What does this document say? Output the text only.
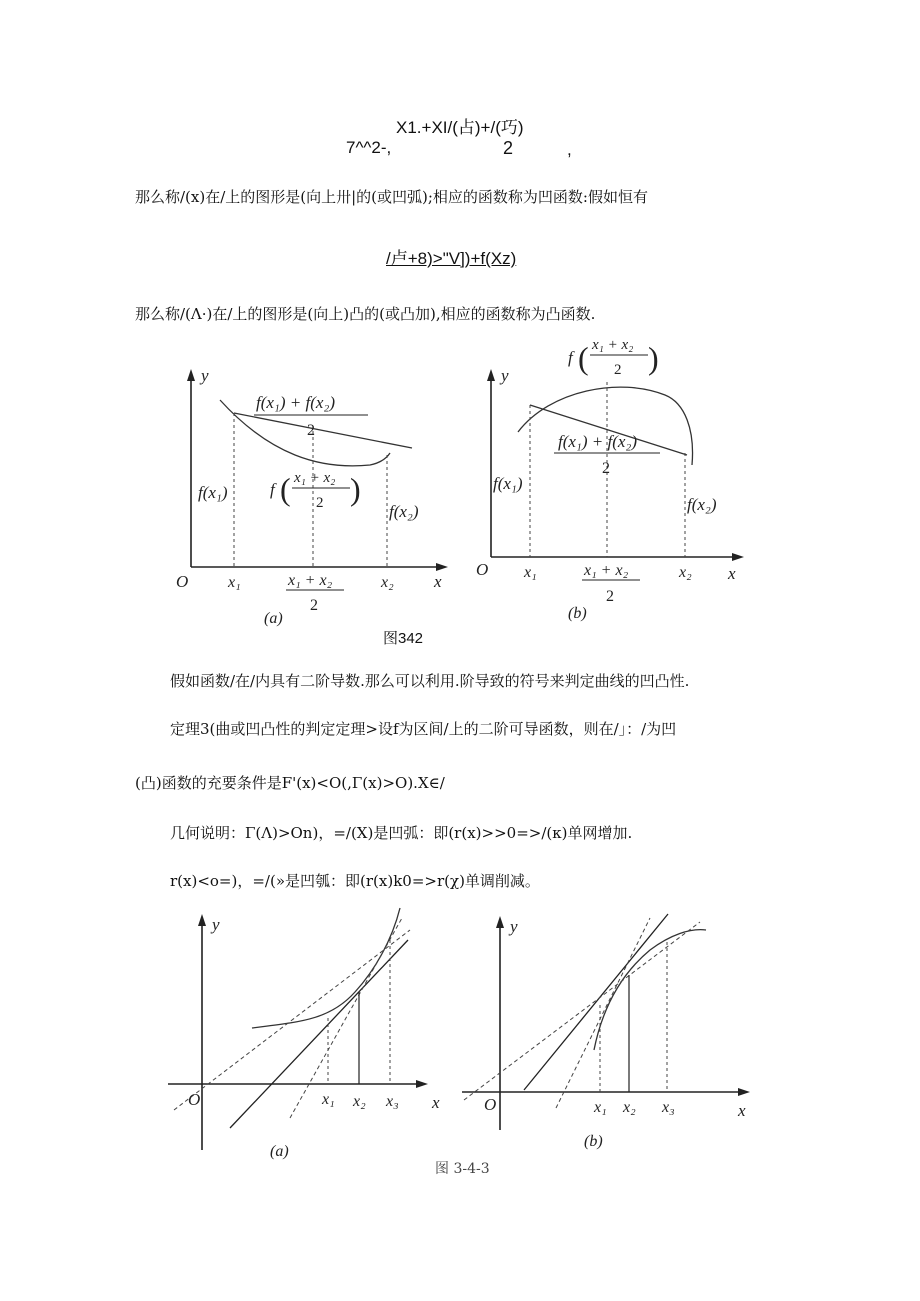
X1.+XI/(占)+/(巧)
7^^2-,	2	,
那么称/(x)在/上的图形是(向上卅|的(或凹弧);相应的函数称为凹函数:假如恒有
/卢+8)>"V])+f(Xz)
那么称/(Λ·)在/上的图形是(向上)凸的(或凸加),相应的函数称为凸函数.
y
x
O x₁	x₂
x₁ + x₂
2
f(x₁) + f(x₂)
2
f(x₁)
f(x₂)
f ( x₁ + x₂
2 )
(a)
y
x
O x₁	x₂
x₁ + x₂
2
f(x₁) + f(x₂)
2
f(x₁)
f(x₂)
f ( x₁ + x₂
2 )
(b)
图342
假如函数/在/内具有二阶导数.那么可以利用.阶导致的符号来判定曲线的凹凸性.
定理3(曲或凹凸性的判定定理>设f为区间/上的二阶可导函数，则在/」：/为凹
(凸)函数的充要条件是F'(x)<O(,Γ(x)>O).X∈/
几何说明：Γ(Λ)>On)，=/(X)是凹弧：即(r(x)>>0=>∕(κ)单网增加.
r(x)<o=)，=/(»是凹瓠：即(r(x)k0=>r(χ)单调削减。
y
x
O	x₁ x₂ x₃
(a)
y
x
O	x₁ x₂ x₃
(b)
图 3-4-3
